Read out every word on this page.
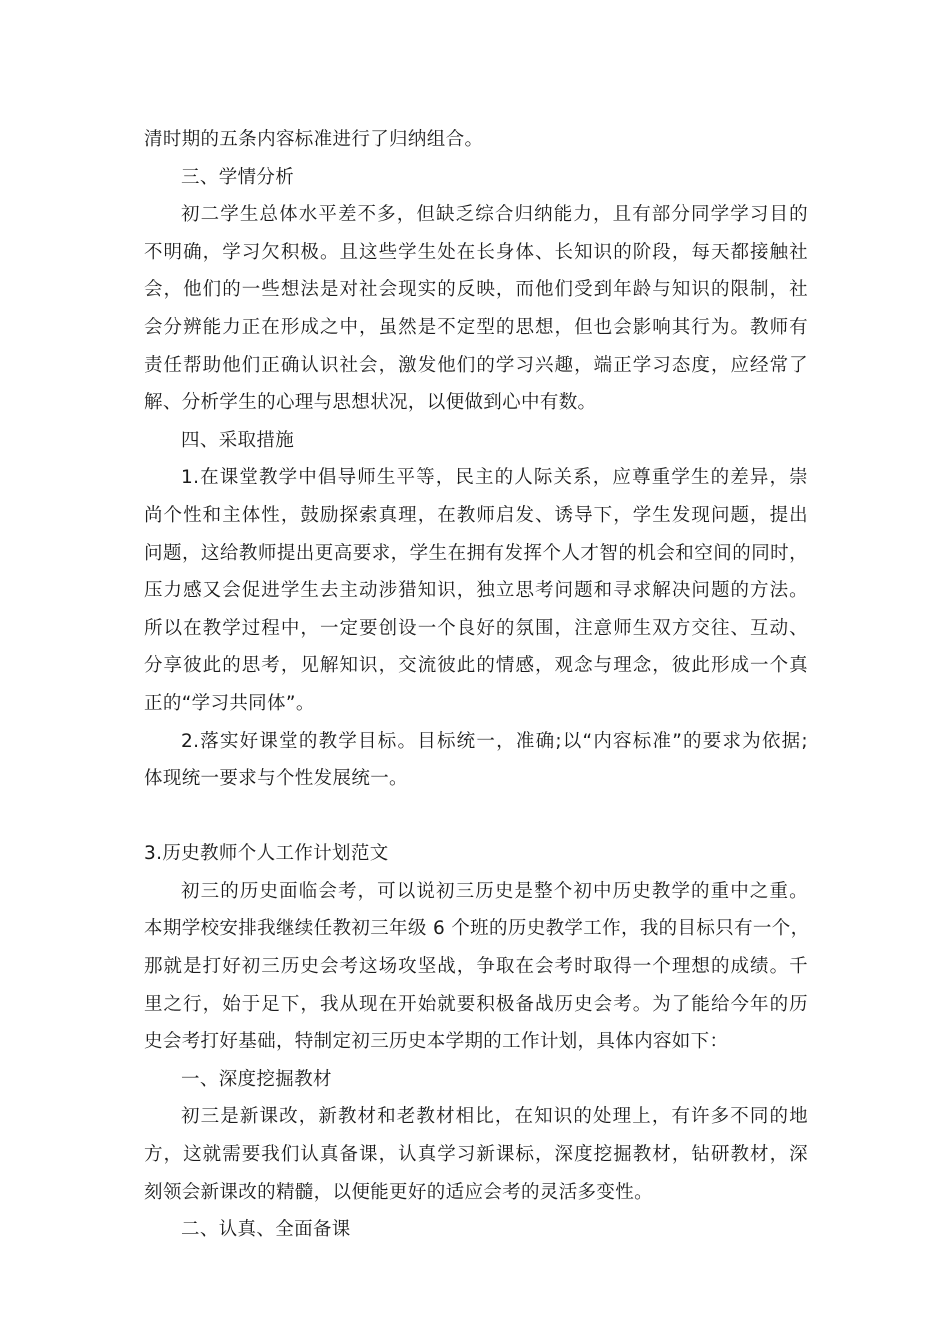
清时期的五条内容标准进行了归纳组合。
三、学情分析
初二学生总体水平差不多，但缺乏综合归纳能力，且有部分同学学习目的
不明确，学习欠积极。且这些学生处在长身体、长知识的阶段，每天都接触社
会，他们的一些想法是对社会现实的反映，而他们受到年龄与知识的限制，社
会分辨能力正在形成之中，虽然是不定型的思想，但也会影响其行为。教师有
责任帮助他们正确认识社会，激发他们的学习兴趣，端正学习态度，应经常了
解、分析学生的心理与思想状况，以便做到心中有数。
四、采取措施
1.在课堂教学中倡导师生平等，民主的人际关系，应尊重学生的差异，崇
尚个性和主体性，鼓励探索真理，在教师启发、诱导下，学生发现问题，提出
问题，这给教师提出更高要求，学生在拥有发挥个人才智的机会和空间的同时，
压力感又会促进学生去主动涉猎知识，独立思考问题和寻求解决问题的方法。
所以在教学过程中，一定要创设一个良好的氛围，注意师生双方交往、互动、
分享彼此的思考，见解知识，交流彼此的情感，观念与理念，彼此形成一个真
正的“学习共同体”。
2.落实好课堂的教学目标。目标统一，准确;以“内容标准”的要求为依据;
体现统一要求与个性发展统一。
3.历史教师个人工作计划范文
初三的历史面临会考，可以说初三历史是整个初中历史教学的重中之重。
本期学校安排我继续任教初三年级 6 个班的历史教学工作，我的目标只有一个，
那就是打好初三历史会考这场攻坚战，争取在会考时取得一个理想的成绩。千
里之行，始于足下，我从现在开始就要积极备战历史会考。为了能给今年的历
史会考打好基础，特制定初三历史本学期的工作计划，具体内容如下：
一、深度挖掘教材
初三是新课改，新教材和老教材相比，在知识的处理上，有许多不同的地
方，这就需要我们认真备课，认真学习新课标，深度挖掘教材，钻研教材，深
刻领会新课改的精髓，以便能更好的适应会考的灵活多变性。
二、认真、全面备课
